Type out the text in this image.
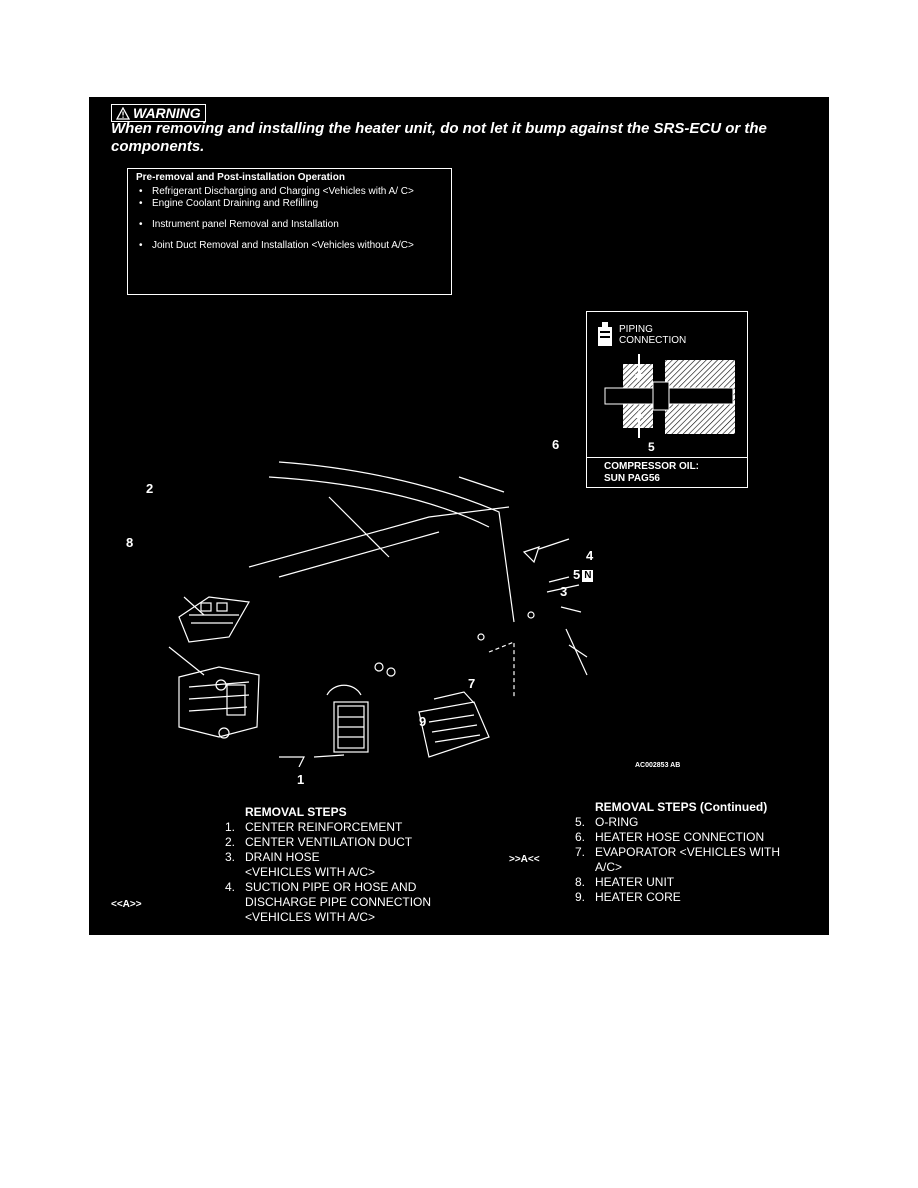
WARNING
When removing and installing the heater unit, do not let it bump against the SRS-ECU or the components.
Pre-removal and Post-installation Operation
• Refrigerant Discharging and Charging <Vehicles with A/ C>
• Engine Coolant Draining and Refilling
• Instrument panel Removal and Installation
• Joint Duct Removal and Installation <Vehicles without A/C>
PIPING
CONNECTION
5
COMPRESSOR OIL:
SUN PAG56
2
8
6
4
5 N
3
7
9
1
AC002853 AB
REMOVAL STEPS
1. CENTER REINFORCEMENT
2. CENTER VENTILATION DUCT
3. DRAIN HOSE
<VEHICLES WITH A/C>
4. SUCTION PIPE OR HOSE AND
DISCHARGE PIPE CONNECTION
<VEHICLES WITH A/C>
<<A>>
REMOVAL STEPS (Continued)
5. O-RING
6. HEATER HOSE CONNECTION
7. EVAPORATOR <VEHICLES WITH
A/C>
8. HEATER UNIT
9. HEATER CORE
>>A<<
